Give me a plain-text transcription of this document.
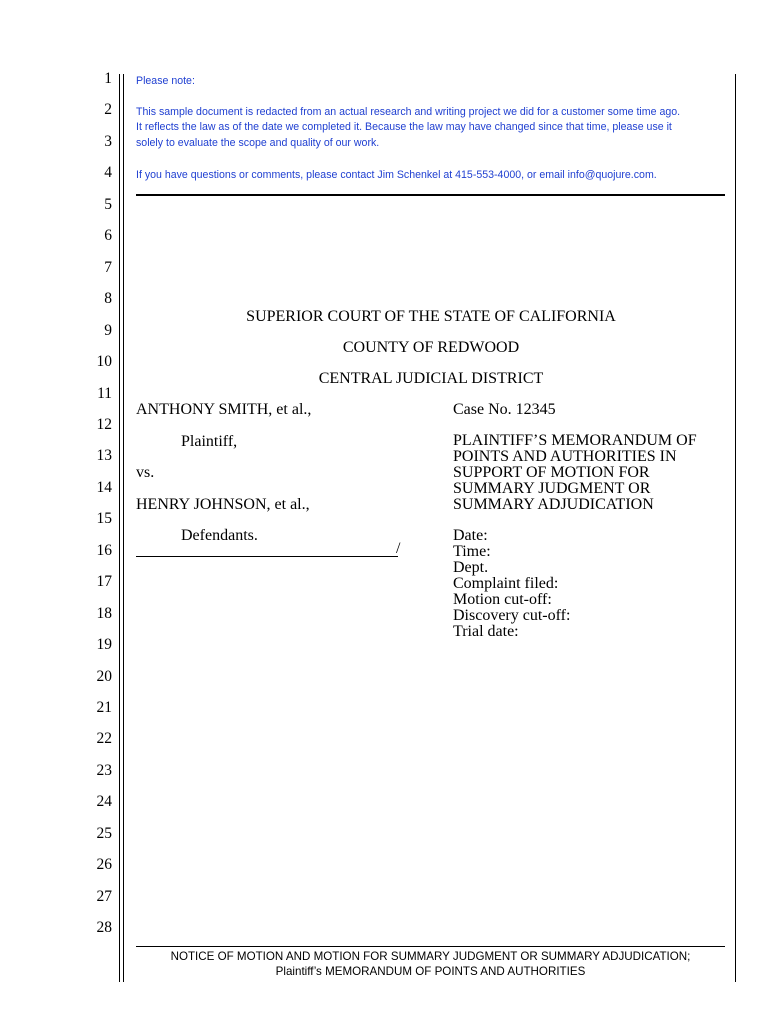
1
2
3
4
5
6
7
8
9
10
11
12
13
14
15
16
17
18
19
20
21
22
23
24
25
26
27
28

Please note:

This sample document is redacted from an actual research and writing project we did for a customer some time ago.

It reflects the law as of the date we completed it. Because the law may have changed since that time, please use it

solely to evaluate the scope and quality of our work.

If you have questions or comments, please contact Jim Schenkel at 415-553-4000, or email info@quojure.com.

SUPERIOR COURT OF THE STATE OF CALIFORNIA
COUNTY OF REDWOOD
CENTRAL JUDICIAL DISTRICT
ANTHONY SMITH, et al.,
Plaintiff,
vs.
HENRY JOHNSON, et al.,
Defendants.
/
Case No. 12345
PLAINTIFF’S MEMORANDUM OF
POINTS AND AUTHORITIES IN
SUPPORT OF MOTION FOR
SUMMARY JUDGMENT OR
SUMMARY ADJUDICATION
Date:
Time:
Dept.
Complaint filed:
Motion cut-off:
Discovery cut-off:
Trial date:
NOTICE OF MOTION AND MOTION FOR SUMMARY JUDGMENT OR SUMMARY ADJUDICATION;
Plaintiff’s MEMORANDUM OF POINTS AND AUTHORITIES
